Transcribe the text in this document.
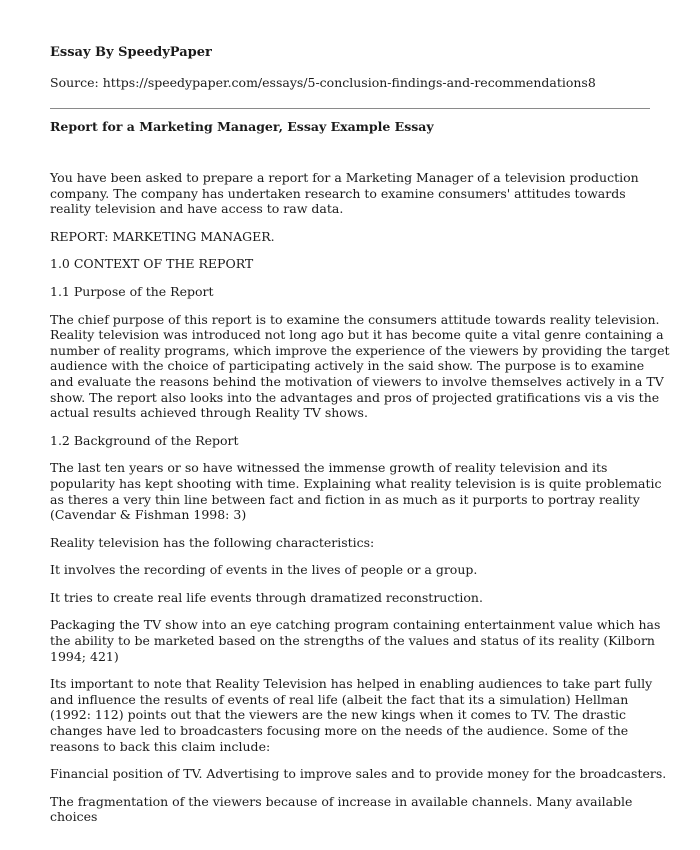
Essay By SpeedyPaper

Source: https://speedypaper.com/essays/5-conclusion-findings-and-recommendations8

Report for a Marketing Manager, Essay Example Essay

You have been asked to prepare a report for a Marketing Manager of a television production company. The company has undertaken research to examine consumers' attitudes towards reality television and have access to raw data.

REPORT: MARKETING MANAGER.

1.0 CONTEXT OF THE REPORT

1.1 Purpose of the Report

The chief purpose of this report is to examine the consumers attitude towards reality television. Reality television was introduced not long ago but it has become quite a vital genre containing a number of reality programs, which improve the experience of the viewers by providing the target audience with the choice of participating actively in the said show. The purpose is to examine and evaluate the reasons behind the motivation of viewers to involve themselves actively in a TV show. The report also looks into the advantages and pros of projected gratifications vis a vis the actual results achieved through Reality TV shows.

1.2 Background of the Report

The last ten years or so have witnessed the immense growth of reality television and its popularity has kept shooting with time. Explaining what reality television is is quite problematic as theres a very thin line between fact and fiction in as much as it purports to portray reality (Cavendar & Fishman 1998: 3)

Reality television has the following characteristics:

It involves the recording of events in the lives of people or a group.

It tries to create real life events through dramatized reconstruction.

Packaging the TV show into an eye catching program containing entertainment value which has the ability to be marketed based on the strengths of the values and status of its reality (Kilborn 1994; 421)

Its important to note that Reality Television has helped in enabling audiences to take part fully and influence the results of events of real life (albeit the fact that its a simulation) Hellman (1992: 112) points out that the viewers are the new kings when it comes to TV. The drastic changes have led to broadcasters focusing more on the needs of the audience. Some of the reasons to back this claim include:

Financial position of TV. Advertising to improve sales and to provide money for the broadcasters.

The fragmentation of the viewers because of increase in available channels. Many available choices
